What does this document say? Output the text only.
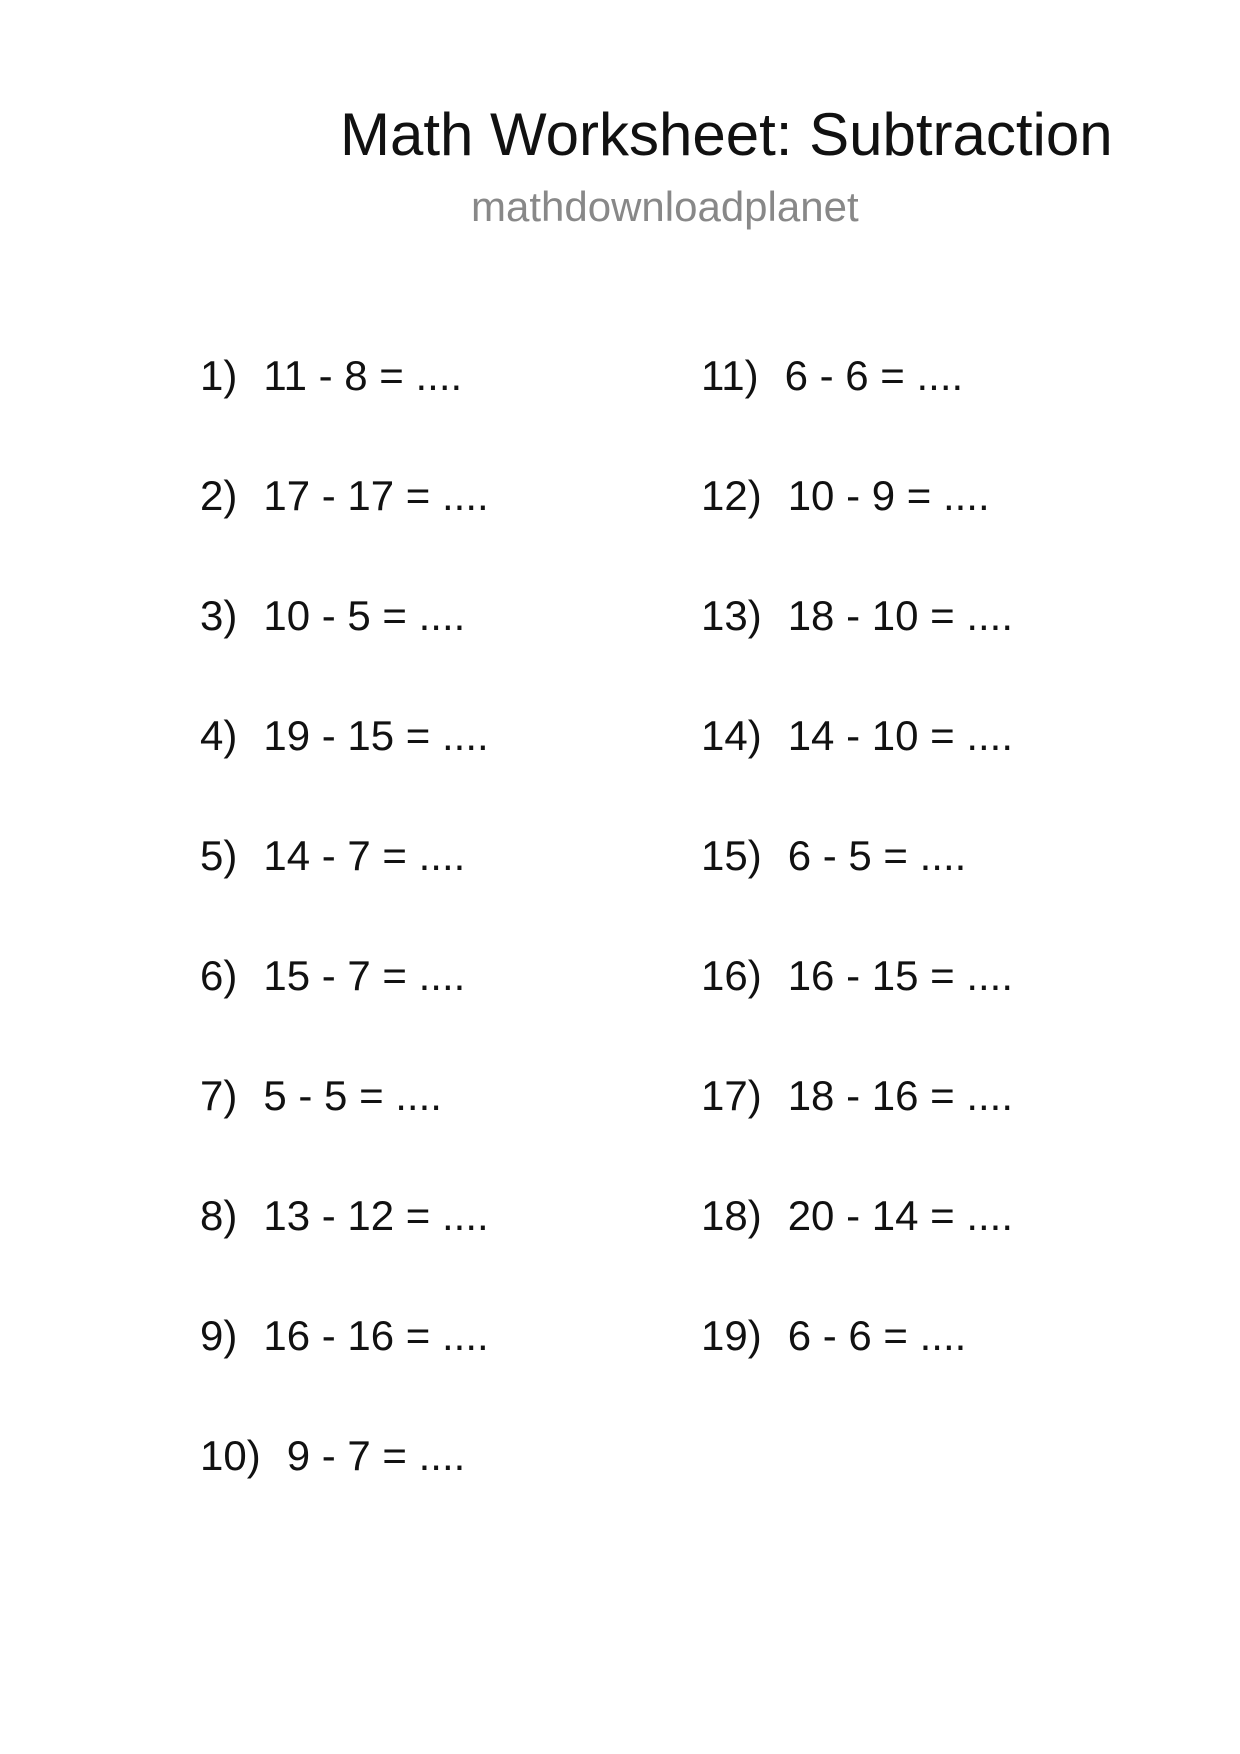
Math Worksheet: Subtraction
mathdownloadplanet
1) 11 - 8 = ....
2) 17 - 17 = ....
3) 10 - 5 = ....
4) 19 - 15 = ....
5) 14 - 7 = ....
6) 15 - 7 = ....
7) 5 - 5 = ....
8) 13 - 12 = ....
9) 16 - 16 = ....
10) 9 - 7 = ....
11) 6 - 6 = ....
12) 10 - 9 = ....
13) 18 - 10 = ....
14) 14 - 10 = ....
15) 6 - 5 = ....
16) 16 - 15 = ....
17) 18 - 16 = ....
18) 20 - 14 = ....
19) 6 - 6 = ....
